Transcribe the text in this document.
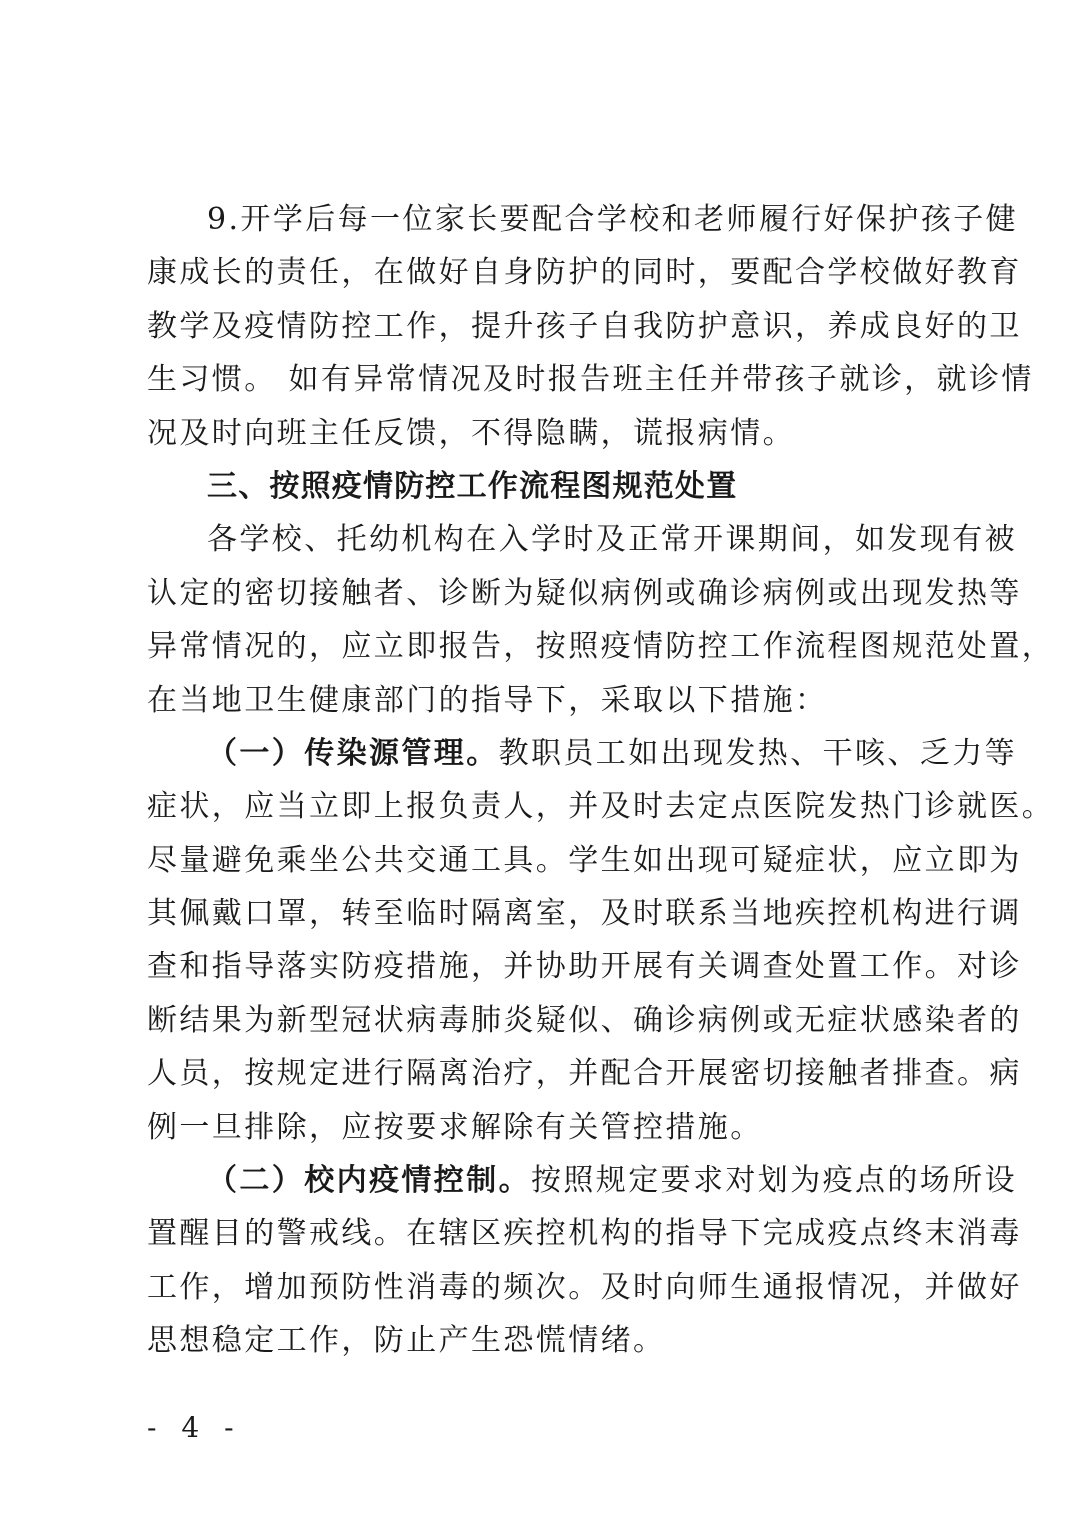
9.开学后每一位家长要配合学校和老师履行好保护孩子健
康成长的责任，在做好自身防护的同时，要配合学校做好教育
教学及疫情防控工作，提升孩子自我防护意识，养成良好的卫
生习惯。 如有异常情况及时报告班主任并带孩子就诊，就诊情
况及时向班主任反馈，不得隐瞒，谎报病情。
三、按照疫情防控工作流程图规范处置
各学校、托幼机构在入学时及正常开课期间，如发现有被
认定的密切接触者、诊断为疑似病例或确诊病例或出现发热等
异常情况的，应立即报告，按照疫情防控工作流程图规范处置，
在当地卫生健康部门的指导下，采取以下措施：
（一）传染源管理。教职员工如出现发热、干咳、乏力等
症状，应当立即上报负责人，并及时去定点医院发热门诊就医。
尽量避免乘坐公共交通工具。学生如出现可疑症状，应立即为
其佩戴口罩，转至临时隔离室，及时联系当地疾控机构进行调
查和指导落实防疫措施，并协助开展有关调查处置工作。对诊
断结果为新型冠状病毒肺炎疑似、确诊病例或无症状感染者的
人员，按规定进行隔离治疗，并配合开展密切接触者排查。病
例一旦排除，应按要求解除有关管控措施。
（二）校内疫情控制。按照规定要求对划为疫点的场所设
置醒目的警戒线。在辖区疾控机构的指导下完成疫点终末消毒
工作，增加预防性消毒的频次。及时向师生通报情况，并做好
思想稳定工作，防止产生恐慌情绪。
- 4 -
